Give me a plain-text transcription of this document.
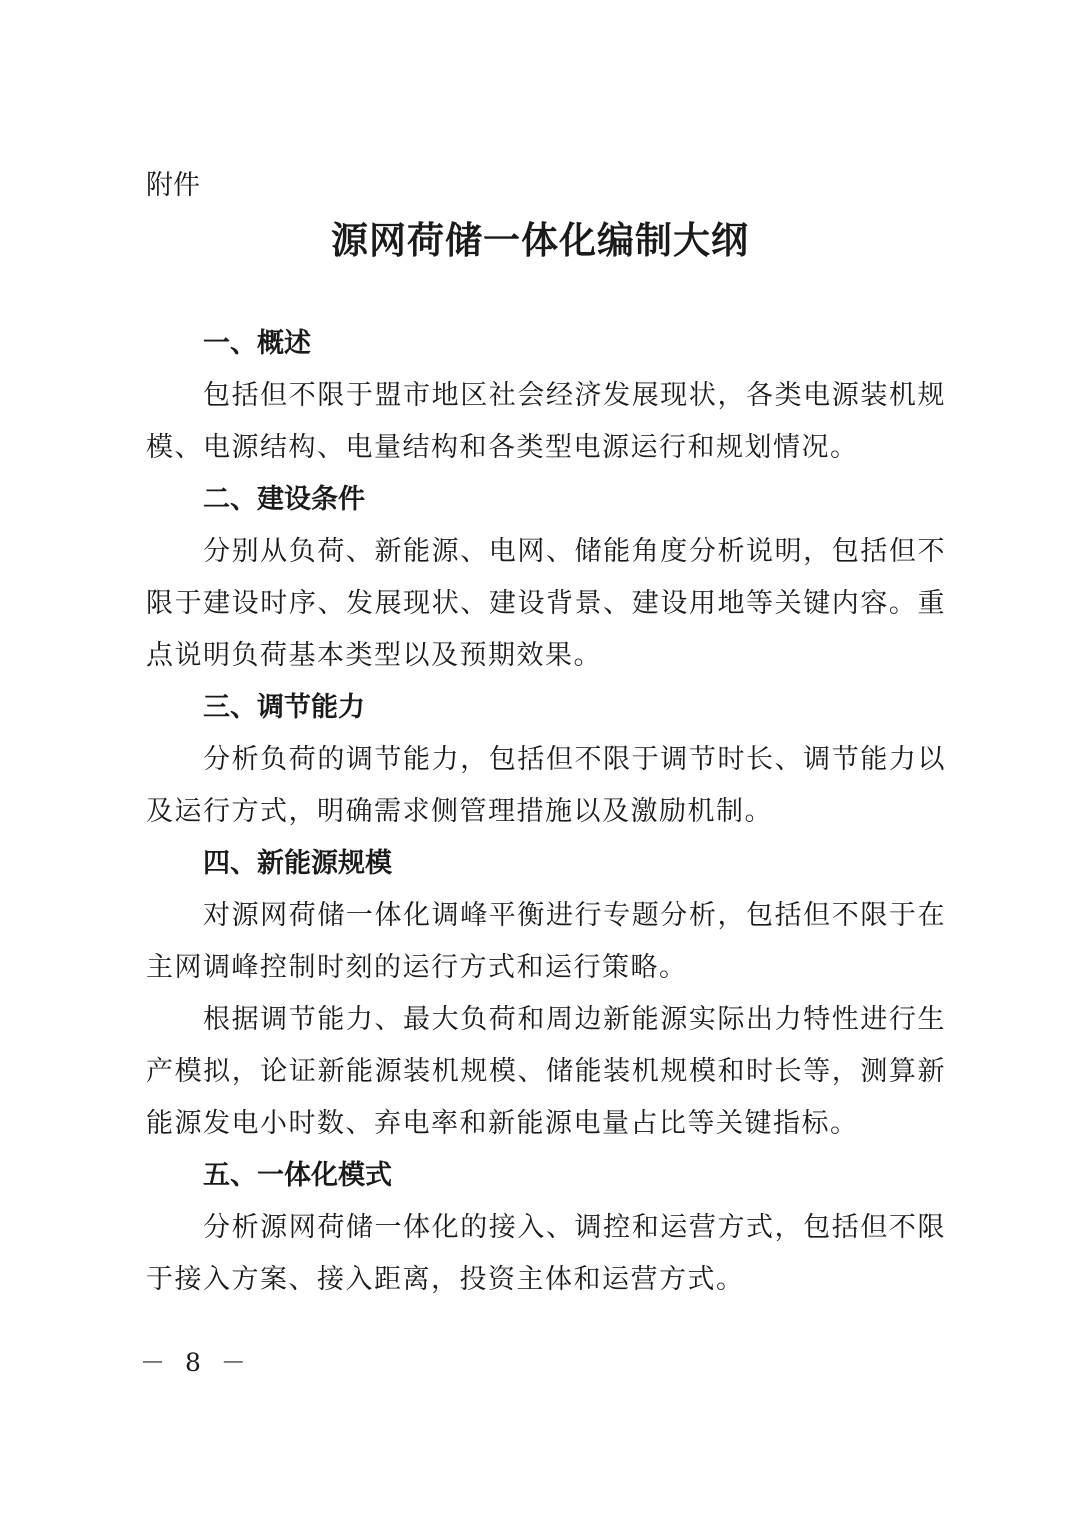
附件
源网荷储一体化编制大纲

一、概述

包括但不限于盟市地区社会经济发展现状，各类电源装机规模、电源结构、电量结构和各类型电源运行和规划情况。

二、建设条件

分别从负荷、新能源、电网、储能角度分析说明，包括但不限于建设时序、发展现状、建设背景、建设用地等关键内容。重点说明负荷基本类型以及预期效果。

三、调节能力

分析负荷的调节能力，包括但不限于调节时长、调节能力以及运行方式，明确需求侧管理措施以及激励机制。

四、新能源规模

对源网荷储一体化调峰平衡进行专题分析，包括但不限于在主网调峰控制时刻的运行方式和运行策略。

根据调节能力、最大负荷和周边新能源实际出力特性进行生产模拟，论证新能源装机规模、储能装机规模和时长等，测算新能源发电小时数、弃电率和新能源电量占比等关键指标。

五、一体化模式

分析源网荷储一体化的接入、调控和运营方式，包括但不限于接入方案、接入距离，投资主体和运营方式。

－ 8 －
